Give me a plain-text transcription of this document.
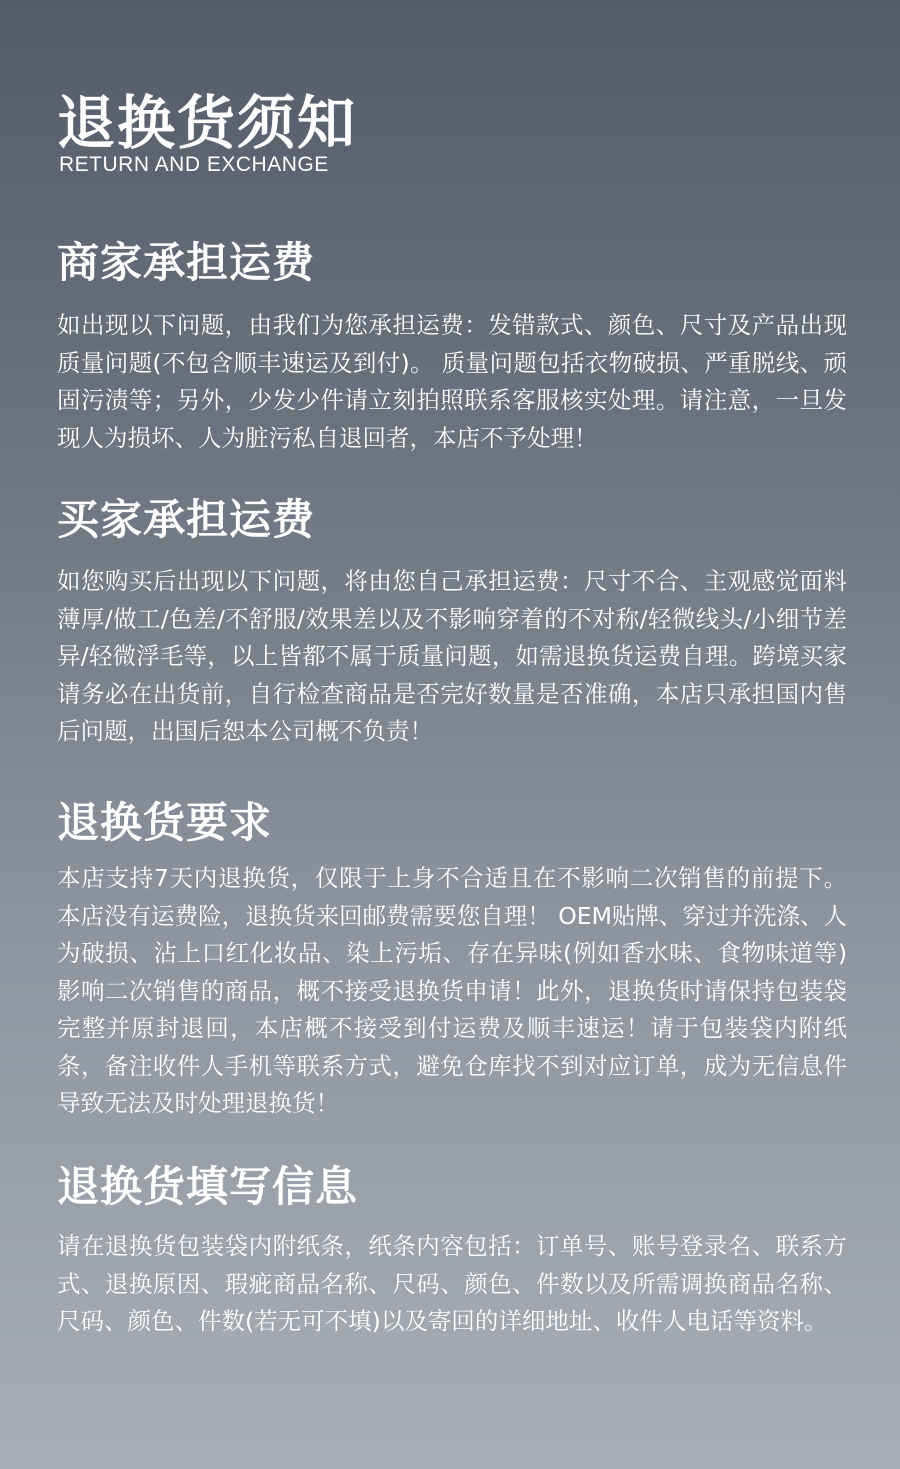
退换货须知
RETURN AND EXCHANGE
商家承担运费

如出现以下问题，由我们为您承担运费：发错款式、颜色、尺寸及产品出现质量问题(不包含顺丰速运及到付)。 质量问题包括衣物破损、严重脱线、顽固污渍等；另外，少发少件请立刻拍照联系客服核实处理。请注意，一旦发现人为损坏、人为脏污私自退回者，本店不予处理！

买家承担运费

如您购买后出现以下问题，将由您自己承担运费：尺寸不合、主观感觉面料薄厚/做工/色差/不舒服/效果差以及不影响穿着的不对称/轻微线头/小细节差异/轻微浮毛等，以上皆都不属于质量问题，如需退换货运费自理。跨境买家请务必在出货前，自行检查商品是否完好数量是否准确，本店只承担国内售后问题，出国后恕本公司概不负责！

退换货要求

本店支持7天内退换货，仅限于上身不合适且在不影响二次销售的前提下。本店没有运费险，退换货来回邮费需要您自理！ OEM贴牌、穿过并洗涤、人为破损、沾上口红化妆品、染上污垢、存在异味(例如香水味、食物味道等)影响二次销售的商品，概不接受退换货申请！此外，退换货时请保持包装袋完整并原封退回，本店概不接受到付运费及顺丰速运！请于包装袋内附纸条，备注收件人手机等联系方式，避免仓库找不到对应订单，成为无信息件导致无法及时处理退换货！

退换货填写信息

请在退换货包装袋内附纸条，纸条内容包括：订单号、账号登录名、联系方式、退换原因、瑕疵商品名称、尺码、颜色、件数以及所需调换商品名称、尺码、颜色、件数(若无可不填)以及寄回的详细地址、收件人电话等资料。
